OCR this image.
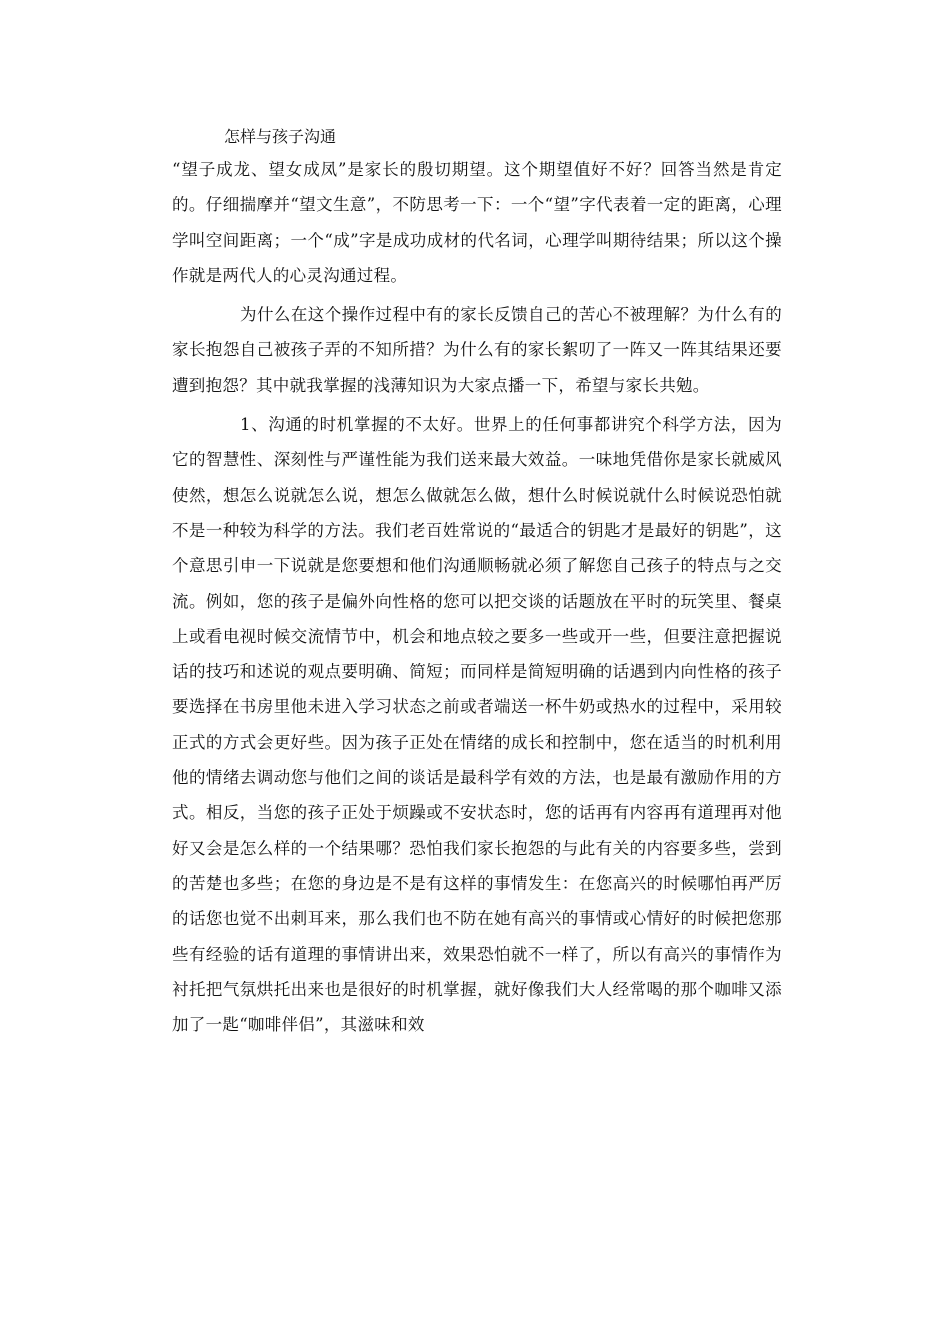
怎样与孩子沟通

“望子成龙、望女成凤”是家长的殷切期望。这个期望值好不好？回答当然是肯定的。仔细揣摩并“望文生意”，不防思考一下：一个“望”字代表着一定的距离，心理学叫空间距离；一个“成”字是成功成材的代名词，心理学叫期待结果；所以这个操作就是两代人的心灵沟通过程。

为什么在这个操作过程中有的家长反馈自己的苦心不被理解？为什么有的家长抱怨自己被孩子弄的不知所措？为什么有的家长絮叨了一阵又一阵其结果还要遭到抱怨？其中就我掌握的浅薄知识为大家点播一下，希望与家长共勉。

1、沟通的时机掌握的不太好。世界上的任何事都讲究个科学方法，因为它的智慧性、深刻性与严谨性能为我们送来最大效益。一味地凭借你是家长就威风使然，想怎么说就怎么说，想怎么做就怎么做，想什么时候说就什么时候说恐怕就不是一种较为科学的方法。我们老百姓常说的“最适合的钥匙才是最好的钥匙”，这个意思引申一下说就是您要想和他们沟通顺畅就必须了解您自己孩子的特点与之交流。例如，您的孩子是偏外向性格的您可以把交谈的话题放在平时的玩笑里、餐桌上或看电视时候交流情节中，机会和地点较之要多一些或开一些，但要注意把握说话的技巧和述说的观点要明确、简短；而同样是简短明确的话遇到内向性格的孩子要选择在书房里他未进入学习状态之前或者端送一杯牛奶或热水的过程中，采用较正式的方式会更好些。因为孩子正处在情绪的成长和控制中，您在适当的时机利用他的情绪去调动您与他们之间的谈话是最科学有效的方法，也是最有激励作用的方式。相反，当您的孩子正处于烦躁或不安状态时，您的话再有内容再有道理再对他好又会是怎么样的一个结果哪？恐怕我们家长抱怨的与此有关的内容要多些，尝到的苦楚也多些；在您的身边是不是有这样的事情发生：在您高兴的时候哪怕再严厉的话您也觉不出刺耳来，那么我们也不防在她有高兴的事情或心情好的时候把您那些有经验的话有道理的事情讲出来，效果恐怕就不一样了，所以有高兴的事情作为衬托把气氛烘托出来也是很好的时机掌握，就好像我们大人经常喝的那个咖啡又添加了一匙“咖啡伴侣”，其滋味和效
